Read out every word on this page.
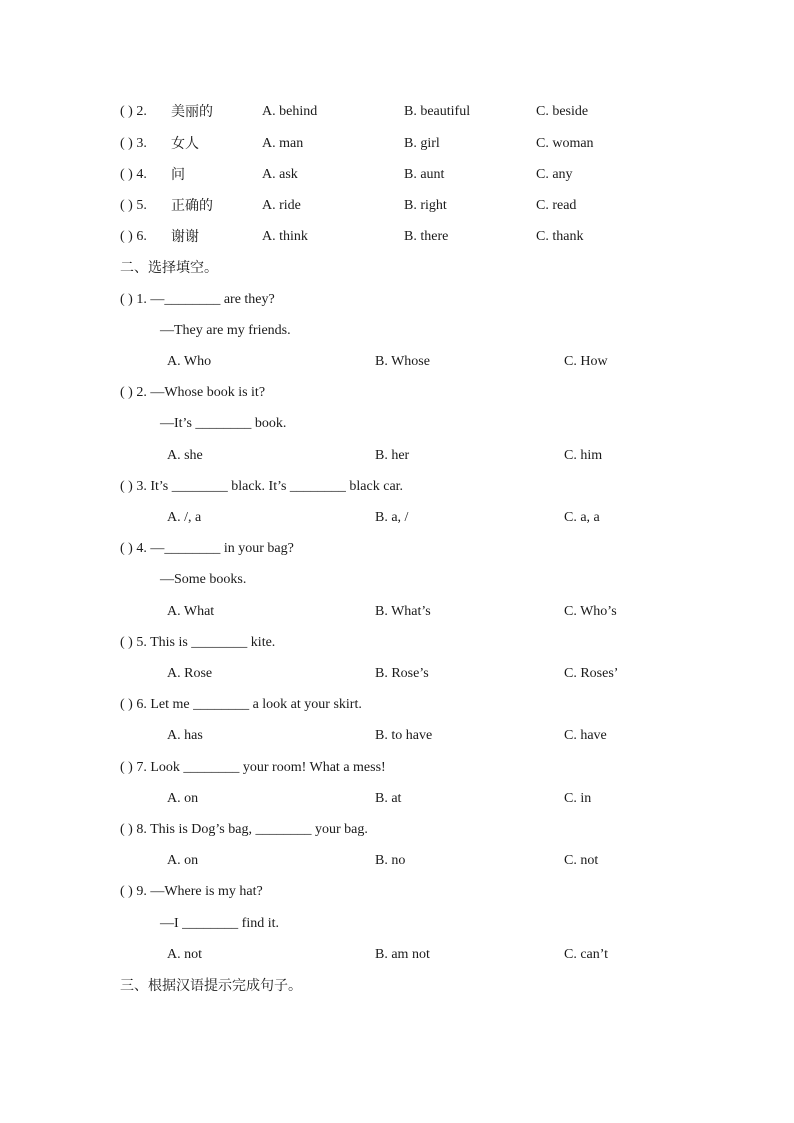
( ) 2. 美丽的	A. behind	B. beautiful	C. beside
( ) 3. 女人	A. man	B. girl	C. woman
( ) 4. 问	A. ask	B. aunt	C. any
( ) 5. 正确的	A. ride	B. right	C. read
( ) 6. 谢谢	A. think	B. there	C. thank
二、选择填空。
( ) 1. —________ are they?
—They are my friends.
A. Who	B. Whose	C. How
( ) 2. —Whose book is it?
—It’s ________ book.
A. she	B. her	C. him
( ) 3. It’s ________ black. It’s ________ black car.
A. /, a	B. a, /	C. a, a
( ) 4. —________ in your bag?
—Some books.
A. What	B. What’s	C. Who’s
( ) 5. This is ________ kite.
A. Rose	B. Rose’s	C. Roses’
( ) 6. Let me ________ a look at your skirt.
A. has	B. to have	C. have
( ) 7. Look ________ your room! What a mess!
A. on	B. at	C. in
( ) 8. This is Dog’s bag, ________ your bag.
A. on	B. no	C. not
( ) 9. —Where is my hat?
—I ________ find it.
A. not	B. am not	C. can’t
三、根据汉语提示完成句子。
